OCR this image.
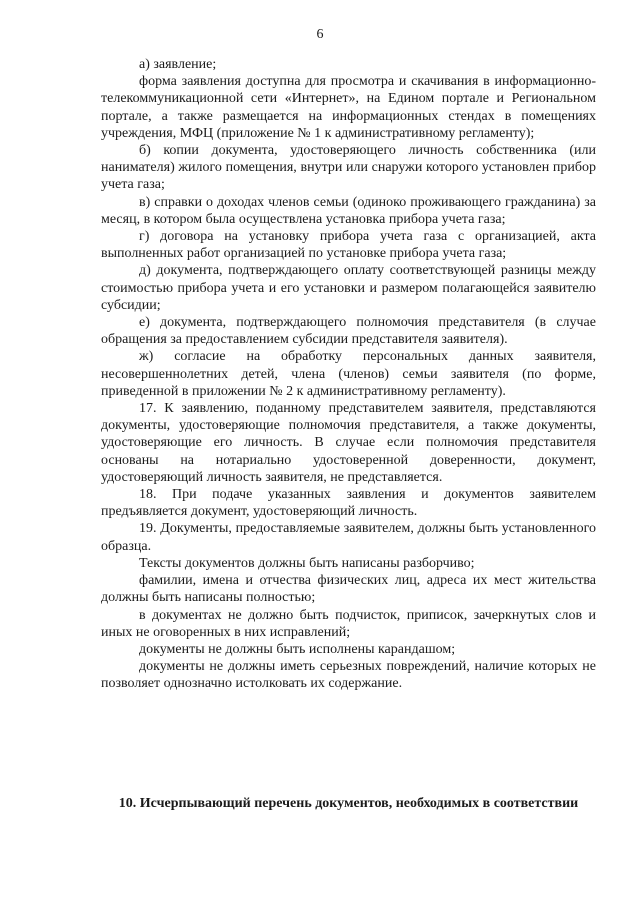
6

а) заявление;

форма заявления доступна для просмотра и скачивания в информационно-телекоммуникационной сети «Интернет», на Едином портале и Региональном портале, а также размещается на информационных стендах в помещениях учреждения, МФЦ (приложение № 1 к административному регламенту);

б) копии документа, удостоверяющего личность собственника (или нанимателя) жилого помещения, внутри или снаружи которого установлен прибор учета газа;

в) справки о доходах членов семьи (одиноко проживающего гражданина) за месяц, в котором была осуществлена установка прибора учета газа;

г) договора на установку прибора учета газа с организацией, акта выполненных работ организацией по установке прибора учета газа;

д) документа, подтверждающего оплату соответствующей разницы между стоимостью прибора учета и его установки и размером полагающейся заявителю субсидии;

е) документа, подтверждающего полномочия представителя (в случае обращения за предоставлением субсидии представителя заявителя).

ж) согласие на обработку персональных данных заявителя, несовершеннолетних детей, члена (членов) семьи заявителя (по форме, приведенной в приложении № 2 к административному регламенту).

17. К заявлению, поданному представителем заявителя, представляются документы, удостоверяющие полномочия представителя, а также документы, удостоверяющие его личность. В случае если полномочия представителя основаны на нотариально удостоверенной доверенности, документ, удостоверяющий личность заявителя, не представляется.

18. При подаче указанных заявления и документов заявителем предъявляется документ, удостоверяющий личность.

19. Документы, предоставляемые заявителем, должны быть установленного образца.

Тексты документов должны быть написаны разборчиво;

фамилии, имена и отчества физических лиц, адреса их мест жительства должны быть написаны полностью;

в документах не должно быть подчисток, приписок, зачеркнутых слов и иных не оговоренных в них исправлений;

документы не должны быть исполнены карандашом;

документы не должны иметь серьезных повреждений, наличие которых не позволяет однозначно истолковать их содержание.

10. Исчерпывающий перечень документов, необходимых в соответствии
